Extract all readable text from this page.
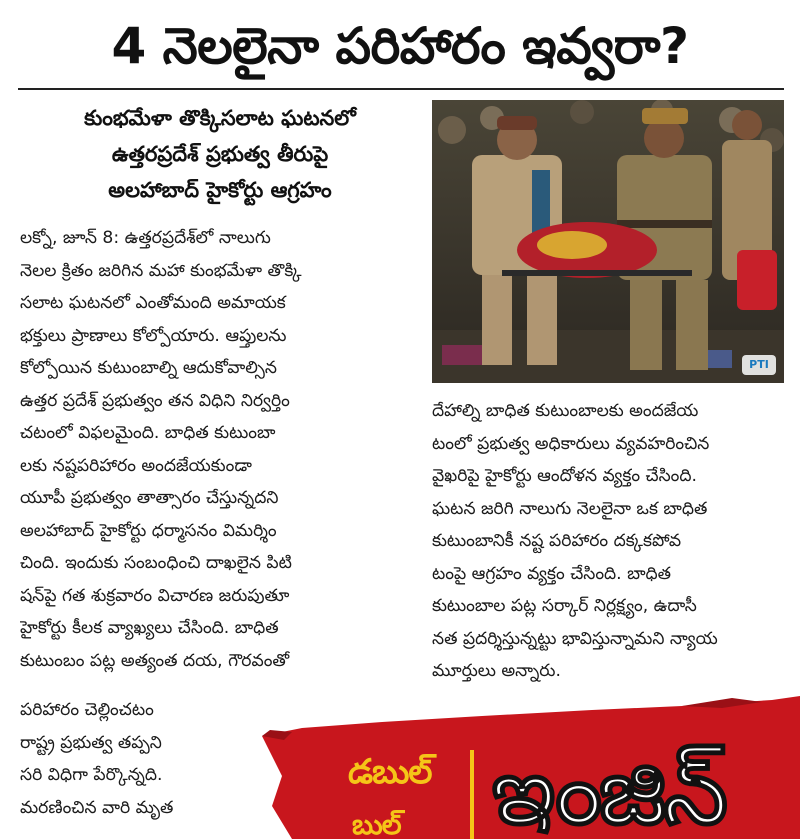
4 నెలలైనా పరిహారం ఇవ్వరా?
కుంభమేళా తొక్కిసలాట ఘటనలో
ఉత్తరప్రదేశ్ ప్రభుత్వ తీరుపై
అలహాబాద్ హైకోర్టు ఆగ్రహం
PTI
లక్నో, జూన్ 8: ఉత్తరప్రదేశ్‌లో నాలుగు
నెలల క్రితం జరిగిన మహా కుంభమేళా తొక్కి
సలాట ఘటనలో ఎంతోమంది అమాయక
భక్తులు ప్రాణాలు కోల్పోయారు. ఆప్తులను
కోల్పోయిన కుటుంబాల్ని ఆదుకోవాల్సిన
ఉత్తర ప్రదేశ్ ప్రభుత్వం తన విధిని నిర్వర్తిం
చటంలో విఫలమైంది. బాధిత కుటుంబా
లకు నష్టపరిహారం అందజేయకుండా
యూపీ ప్రభుత్వం తాత్సారం చేస్తున్నదని
అలహాబాద్ హైకోర్టు ధర్మాసనం విమర్శిం
చింది. ఇందుకు సంబంధించి దాఖలైన పిటి
షన్‌పై గత శుక్రవారం విచారణ జరుపుతూ
హైకోర్టు కీలక వ్యాఖ్యలు చేసింది. బాధిత
కుటుంబం పట్ల అత్యంత దయ, గౌరవంతో
పరిహారం చెల్లించటం
రాష్ట్ర ప్రభుత్వ తప్పని
సరి విధిగా పేర్కొన్నది.
మరణించిన వారి మృత
దేహాల్ని బాధిత కుటుంబాలకు అందజేయ
టంలో ప్రభుత్వ అధికారులు వ్యవహరించిన
వైఖరిపై హైకోర్టు ఆందోళన వ్యక్తం చేసింది.
ఘటన జరిగి నాలుగు నెలలైనా ఒక బాధిత
కుటుంబానికీ నష్ట పరిహారం దక్కకపోవ
టంపై ఆగ్రహం వ్యక్తం చేసింది. బాధిత
కుటుంబాల పట్ల సర్కార్ నిర్లక్ష్యం, ఉదాసీ
నత ప్రదర్శిస్తున్నట్టు భావిస్తున్నామని న్యాయ
మూర్తులు అన్నారు.
డబుల్
బుల్ ఇంజిన్
